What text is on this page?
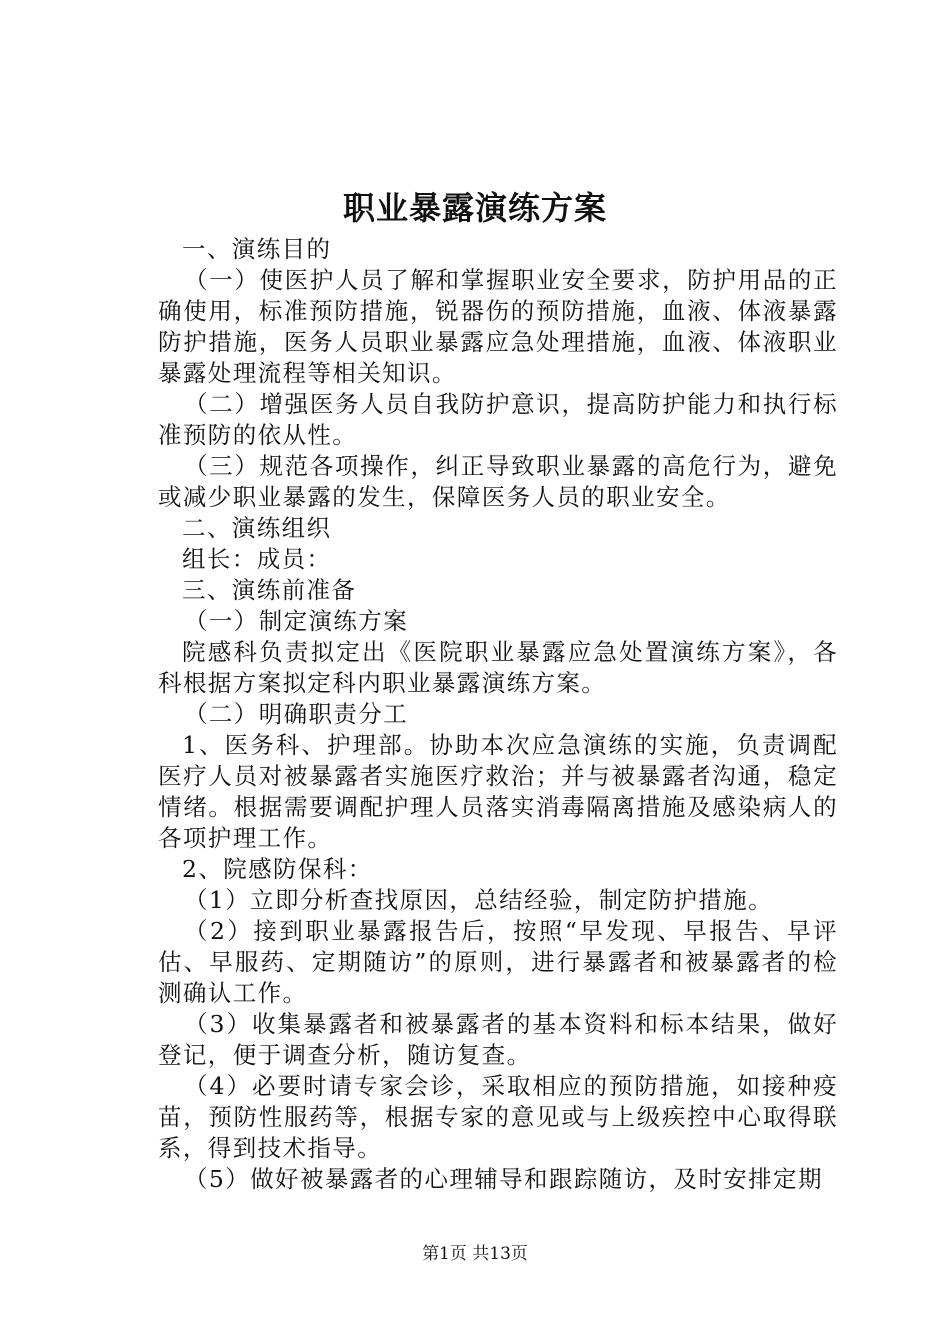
职业暴露演练方案

一、演练目的

（一）使医护人员了解和掌握职业安全要求，防护用品的正确使用，标准预防措施，锐器伤的预防措施，血液、体液暴露防护措施，医务人员职业暴露应急处理措施，血液、体液职业暴露处理流程等相关知识。

（二）增强医务人员自我防护意识，提高防护能力和执行标准预防的依从性。

（三）规范各项操作，纠正导致职业暴露的高危行为，避免或减少职业暴露的发生，保障医务人员的职业安全。

二、演练组织

组长：成员：

三、演练前准备

（一）制定演练方案

院感科负责拟定出《医院职业暴露应急处置演练方案》，各科根据方案拟定科内职业暴露演练方案。

（二）明确职责分工

1、医务科、护理部。协助本次应急演练的实施，负责调配医疗人员对被暴露者实施医疗救治；并与被暴露者沟通，稳定情绪。根据需要调配护理人员落实消毒隔离措施及感染病人的各项护理工作。

2、院感防保科：

（1）立即分析查找原因，总结经验，制定防护措施。

（2）接到职业暴露报告后，按照“早发现、早报告、早评估、早服药、定期随访”的原则，进行暴露者和被暴露者的检测确认工作。

（3）收集暴露者和被暴露者的基本资料和标本结果，做好登记，便于调查分析，随访复查。

（4）必要时请专家会诊，采取相应的预防措施，如接种疫苗，预防性服药等，根据专家的意见或与上级疾控中心取得联系，得到技术指导。

（5）做好被暴露者的心理辅导和跟踪随访，及时安排定期

第1页 共13页
